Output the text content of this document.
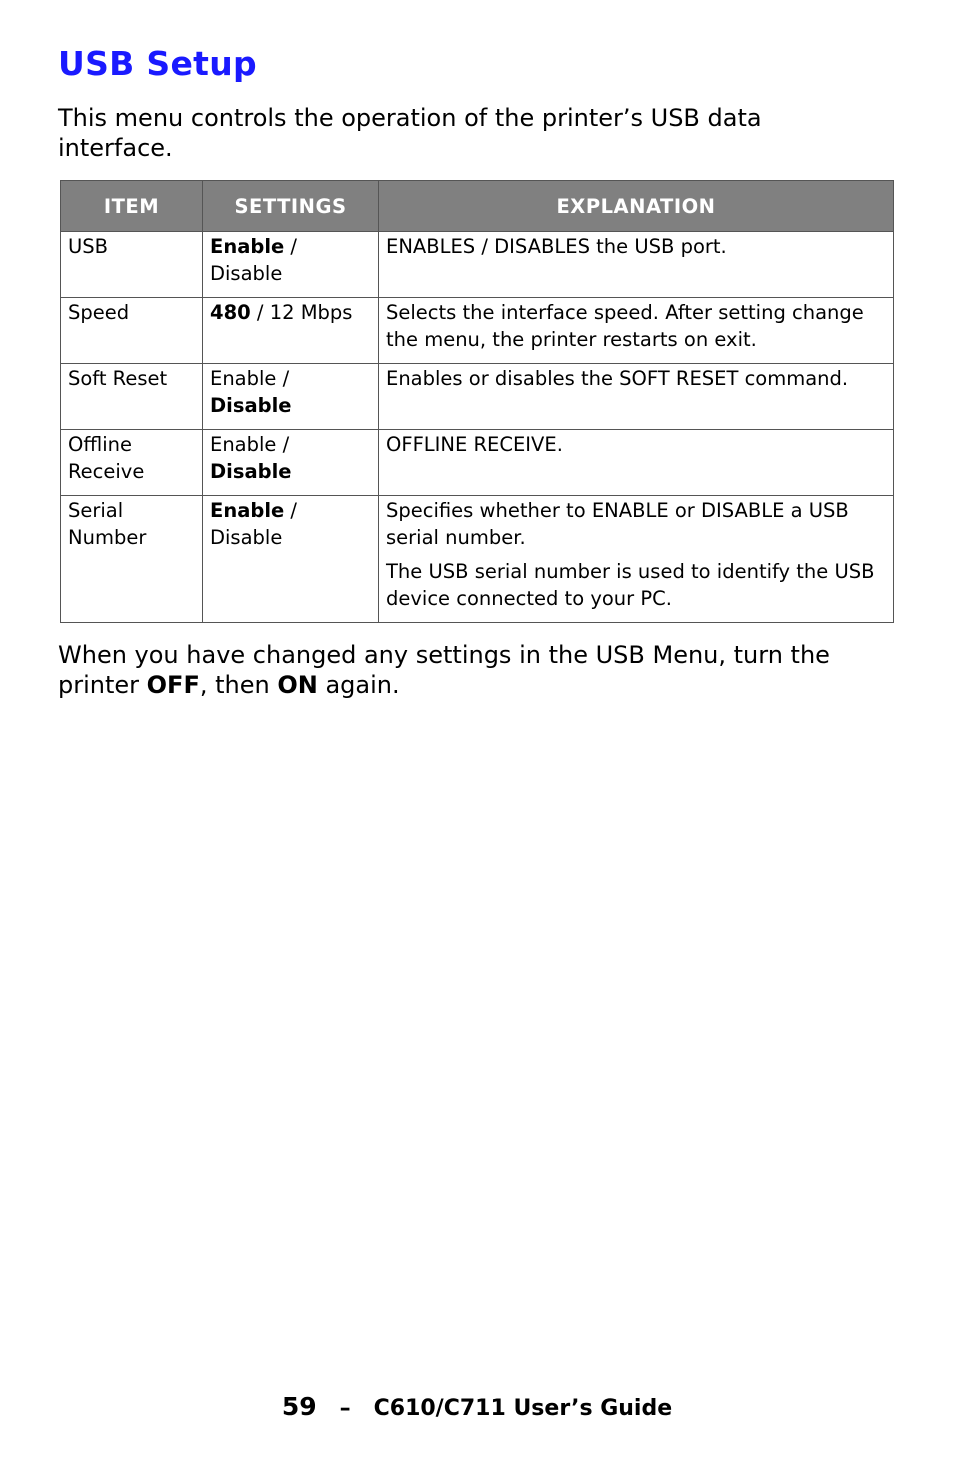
USB Setup

This menu controls the operation of the printer’s USB data interface.

ITEM	SETTINGS	EXPLANATION
USB	Enable / Disable	ENABLES / DISABLES the USB port.

Speed	480 / 12 Mbps	Selects the interface speed. After setting change the menu, the printer restarts on exit.

Soft Reset	Enable / Disable	Enables or disables the SOFT RESET command.

Offline Receive	Enable / Disable	OFFLINE RECEIVE.

Serial Number	Enable / Disable	Specifies whether to ENABLE or DISABLE a USB serial number.

The USB serial number is used to identify the USB device connected to your PC.

When you have changed any settings in the USB Menu, turn the printer OFF, then ON again.

59 – C610/C711 User’s Guide
